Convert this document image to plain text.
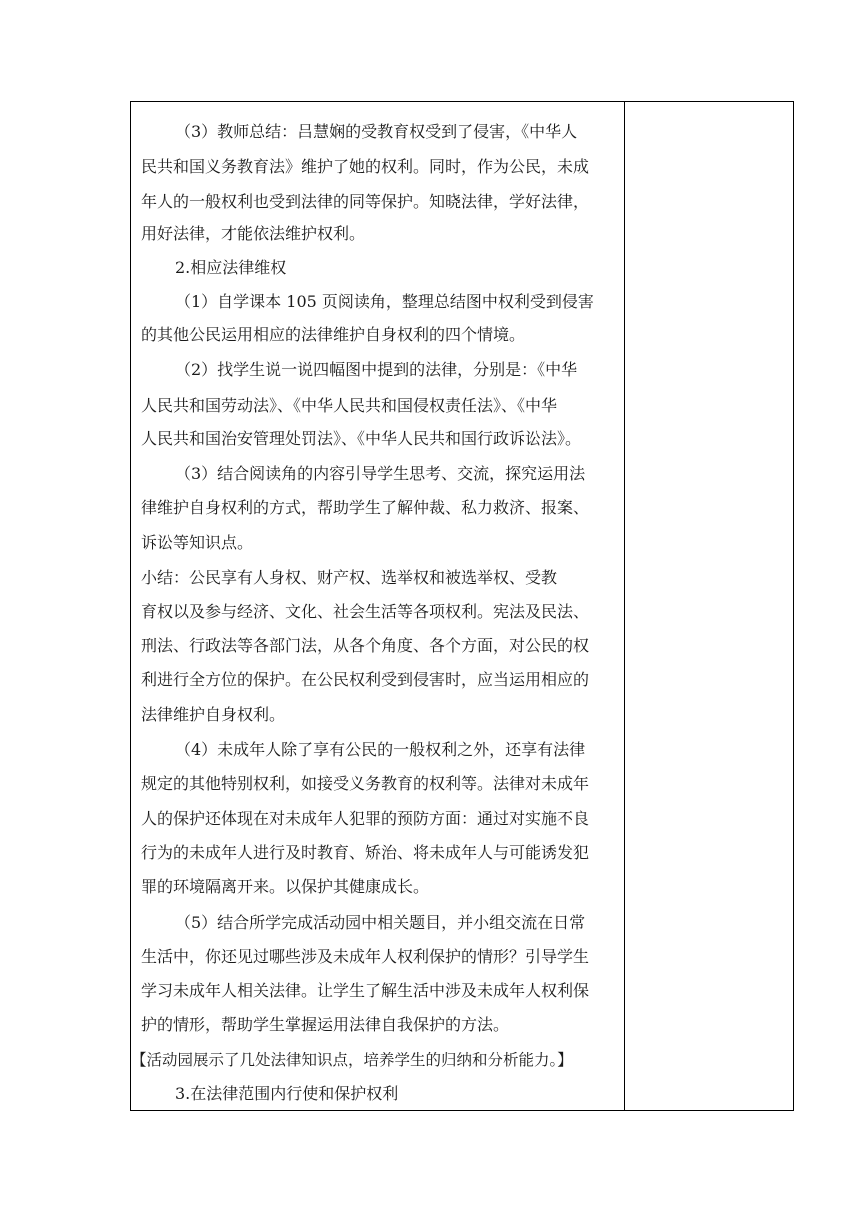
（3）教师总结：吕慧娴的受教育权受到了侵害，《中华人
民共和国义务教育法》维护了她的权利。同时，作为公民，未成
年人的一般权利也受到法律的同等保护。知晓法律，学好法律，
用好法律，才能依法维护权利。
2.相应法律维权
（1）自学课本 105 页阅读角，整理总结图中权利受到侵害
的其他公民运用相应的法律维护自身权利的四个情境。
（2）找学生说一说四幅图中提到的法律，分别是：《中华
人民共和国劳动法》、《中华人民共和国侵权责任法》、《中华
人民共和国治安管理处罚法》、《中华人民共和国行政诉讼法》。
（3）结合阅读角的内容引导学生思考、交流，探究运用法
律维护自身权利的方式，帮助学生了解仲裁、私力救济、报案、
诉讼等知识点。
小结：公民享有人身权、财产权、选举权和被选举权、受教
育权以及参与经济、文化、社会生活等各项权利。宪法及民法、
刑法、行政法等各部门法，从各个角度、各个方面，对公民的权
利进行全方位的保护。在公民权利受到侵害时，应当运用相应的
法律维护自身权利。
（4）未成年人除了享有公民的一般权利之外，还享有法律
规定的其他特别权利，如接受义务教育的权利等。法律对未成年
人的保护还体现在对未成年人犯罪的预防方面：通过对实施不良
行为的未成年人进行及时教育、矫治、将未成年人与可能诱发犯
罪的环境隔离开来。以保护其健康成长。
（5）结合所学完成活动园中相关题目，并小组交流在日常
生活中，你还见过哪些涉及未成年人权利保护的情形？引导学生
学习未成年人相关法律。让学生了解生活中涉及未成年人权利保
护的情形，帮助学生掌握运用法律自我保护的方法。
【活动园展示了几处法律知识点，培养学生的归纳和分析能力。】
3.在法律范围内行使和保护权利
